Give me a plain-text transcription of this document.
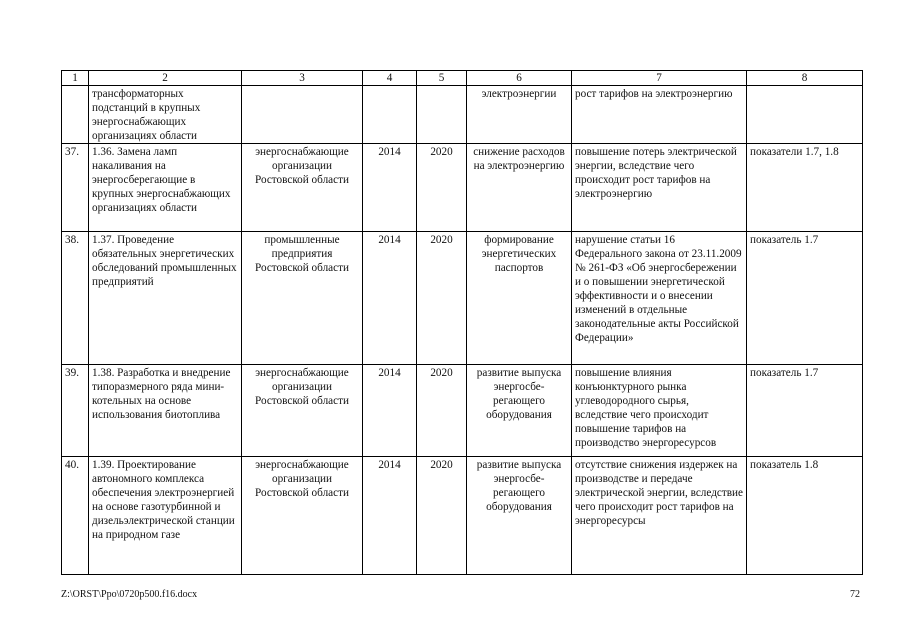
1	2	3	4	5	6	7	8
	трансформаторных подстанций в крупных энергоснабжающих организациях области				электроэнергии	рост тарифов на электроэнергию	
37.	1.36. Замена ламп накаливания на энергосберегающие в крупных энергоснабжающих организациях области	энергоснабжающие организации Ростовской области	2014	2020	снижение расходов на электроэнергию	повышение потерь электрической энергии, вследствие чего происходит рост тарифов на электроэнергию	показатели 1.7, 1.8
38.	1.37. Проведение обязательных энергетических обследований промышленных предприятий	промышленные предприятия Ростовской области	2014	2020	формирование энергетических паспортов	нарушение статьи 16 Федерального закона от 23.11.2009 № 261-ФЗ «Об энергосбережении и о повышении энергетической эффективности и о внесении изменений в отдельные законодательные акты Российской Федерации»	показатель 1.7
39.	1.38. Разработка и внедрение типоразмерного ряда мини-котельных на основе использования биотоплива	энергоснабжающие организации Ростовской области	2014	2020	развитие выпуска энергосбе-регающего оборудования	повышение влияния конъюнктурного рынка углеводородного сырья, вследствие чего происходит повышение тарифов на производство энергоресурсов	показатель 1.7
40.	1.39. Проектирование автономного комплекса обеспечения электроэнергией на основе газотурбинной и дизельэлектрической станции на природном газе	энергоснабжающие организации Ростовской области	2014	2020	развитие выпуска энергосбе-регающего оборудования	отсутствие снижения издержек на производстве и передаче электрической энергии, вследствие чего происходит рост тарифов на энергоресурсы	показатель 1.8
Z:\ORST\Ppo\0720p500.f16.docx	72
